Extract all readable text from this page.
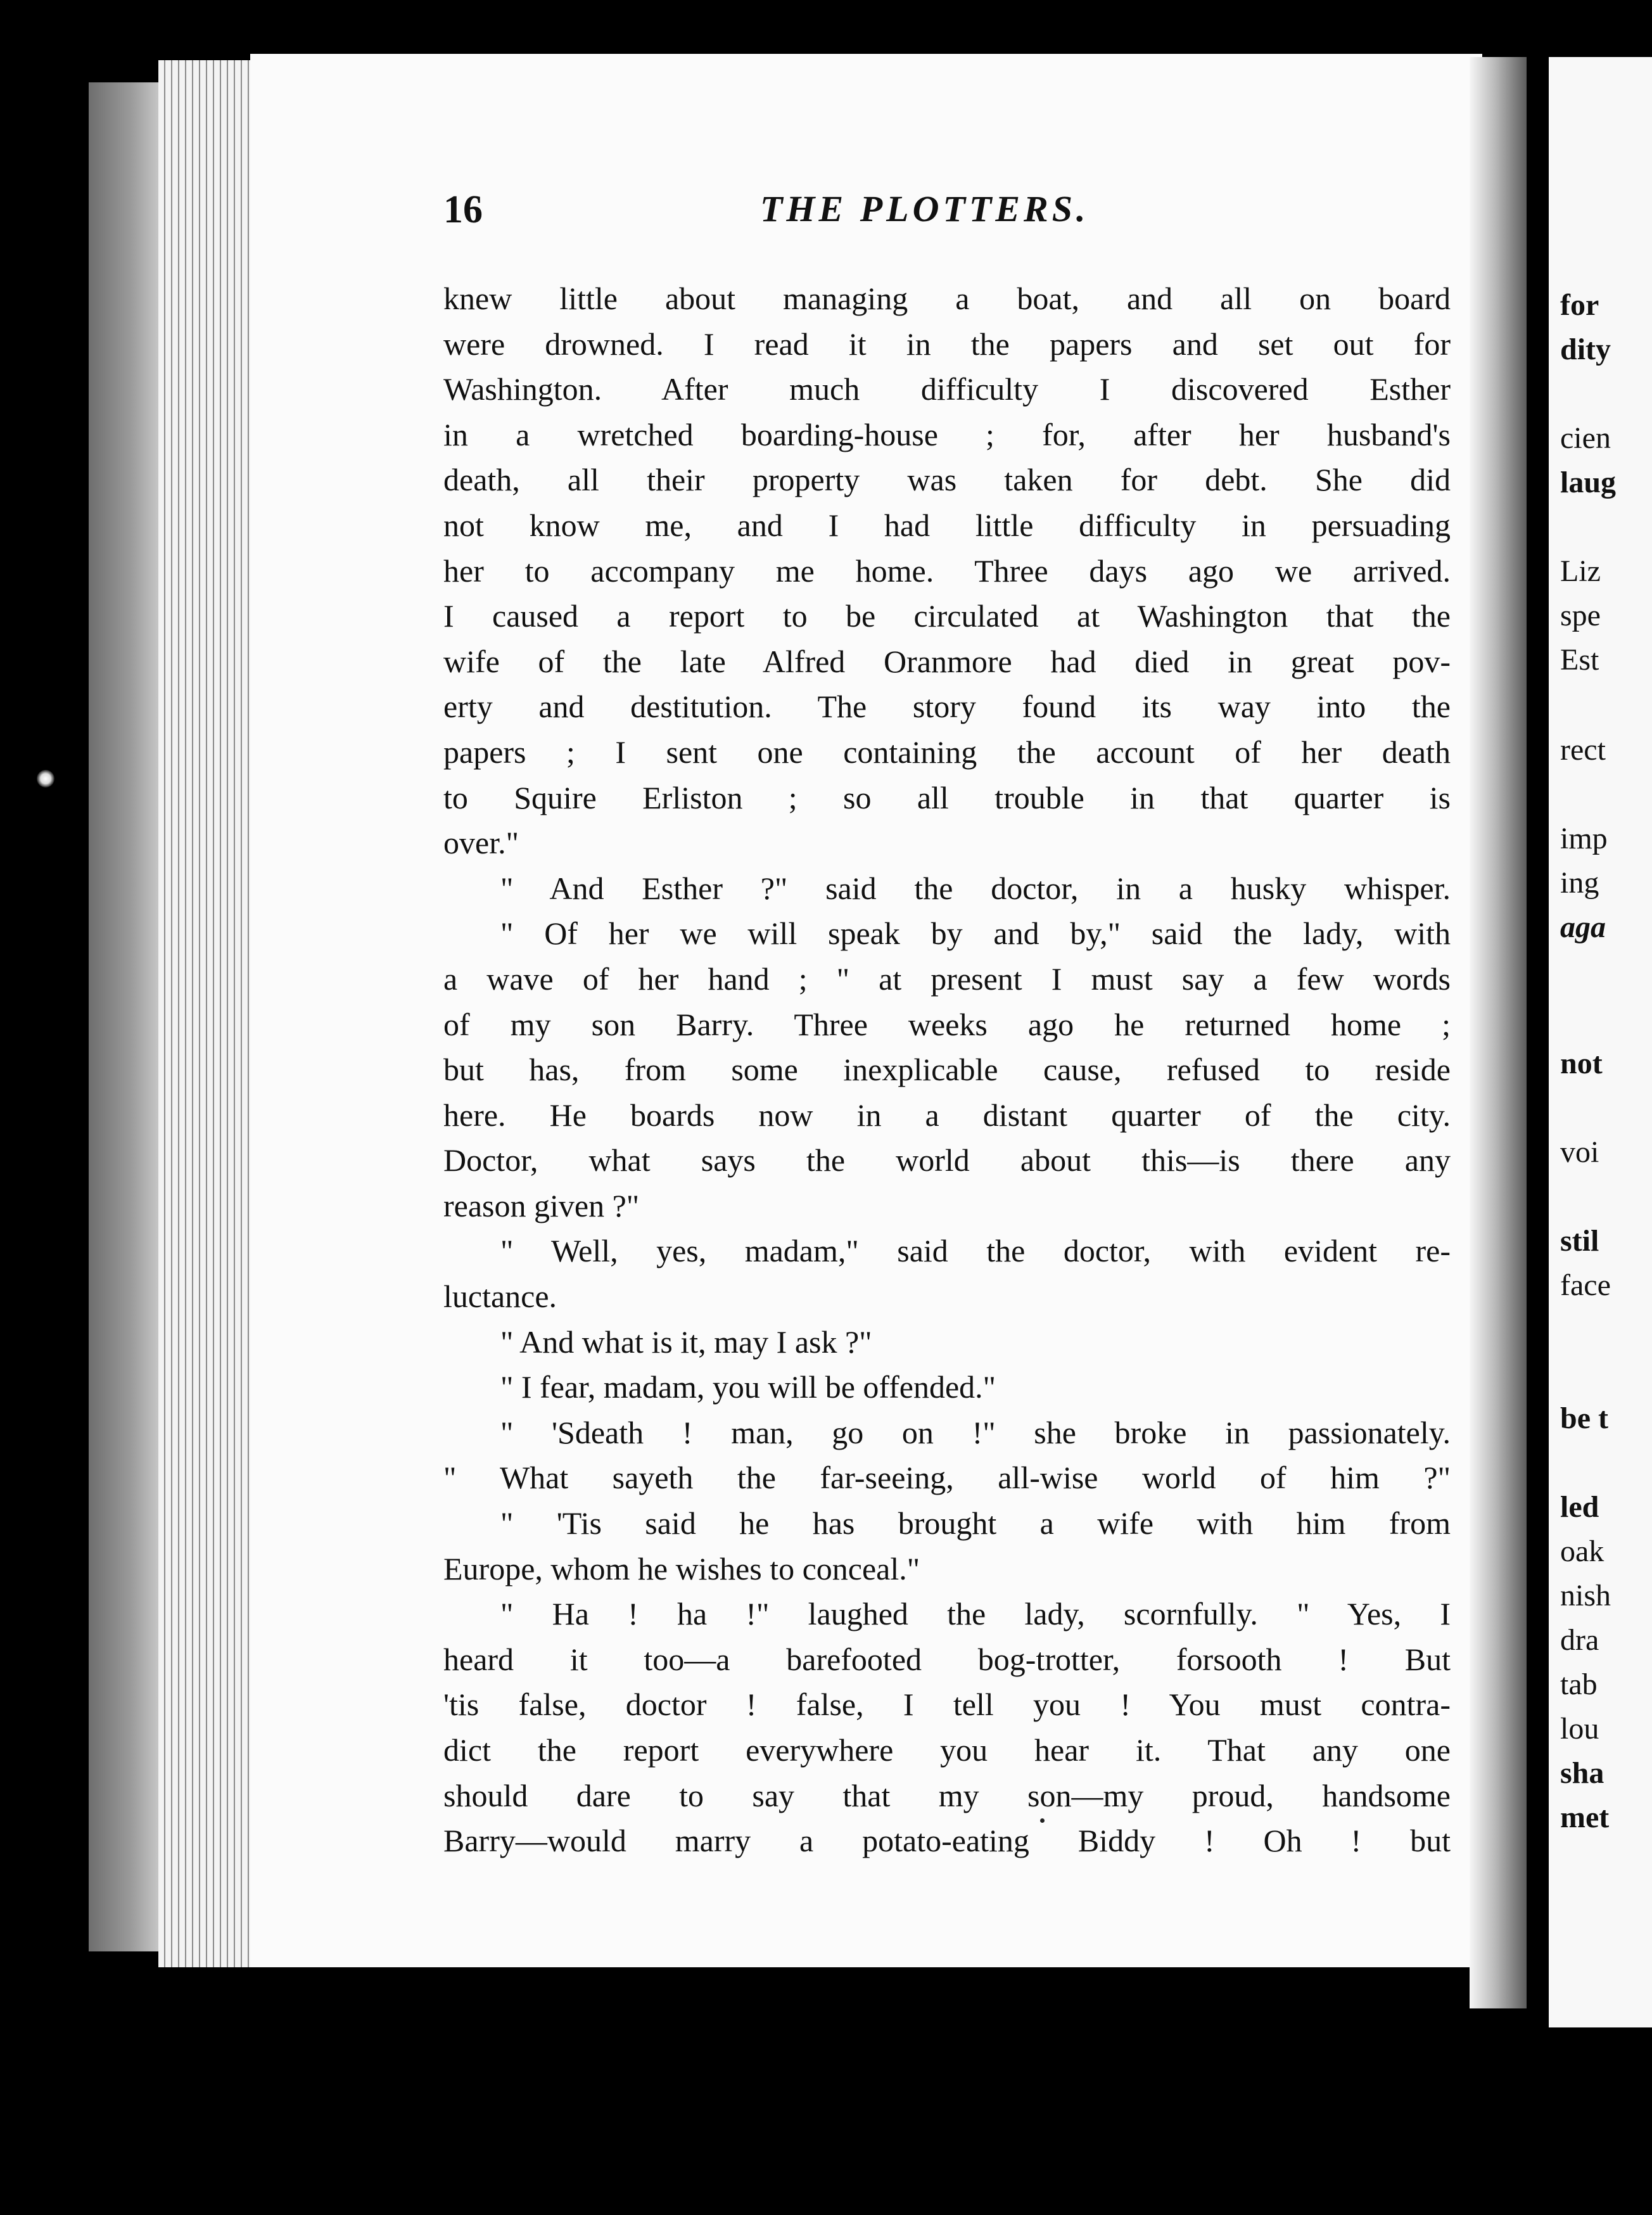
16	THE PLOTTERS.
knew little about managing a boat, and all on board
were drowned. I read it in the papers and set out for
Washington. After much difficulty I discovered Esther
in a wretched boarding-house ; for, after her husband's
death, all their property was taken for debt. She did
not know me, and I had little difficulty in persuading
her to accompany me home. Three days ago we arrived.
I caused a report to be circulated at Washington that the
wife of the late Alfred Oranmore had died in great pov-
erty and destitution. The story found its way into the
papers ; I sent one containing the account of her death
to Squire Erliston ; so all trouble in that quarter is
over."
" And Esther ?" said the doctor, in a husky whisper.
" Of her we will speak by and by," said the lady, with
a wave of her hand ; " at present I must say a few words
of my son Barry. Three weeks ago he returned home ;
but has, from some inexplicable cause, refused to reside
here. He boards now in a distant quarter of the city.
Doctor, what says the world about this—is there any
reason given ?"
" Well, yes, madam," said the doctor, with evident re-
luctance.
" And what is it, may I ask ?"
" I fear, madam, you will be offended."
" 'Sdeath ! man, go on !" she broke in passionately.
" What sayeth the far-seeing, all-wise world of him ?"
" 'Tis said he has brought a wife with him from
Europe, whom he wishes to conceal."
" Ha ! ha !" laughed the lady, scornfully. " Yes, I
heard it too—a barefooted bog-trotter, forsooth ! But
'tis false, doctor ! false, I tell you ! You must contra-
dict the report everywhere you hear it. That any one
should dare to say that my son—my proud, handsome
Barry—would marry a potato-eating Biddy ! Oh ! but
for
dity
cien
laug
Liz
spe
Est
rect
imp
ing
aga
not
voi
stil
face
be t
led
oak
nish
dra
tab
lou
sha
met
